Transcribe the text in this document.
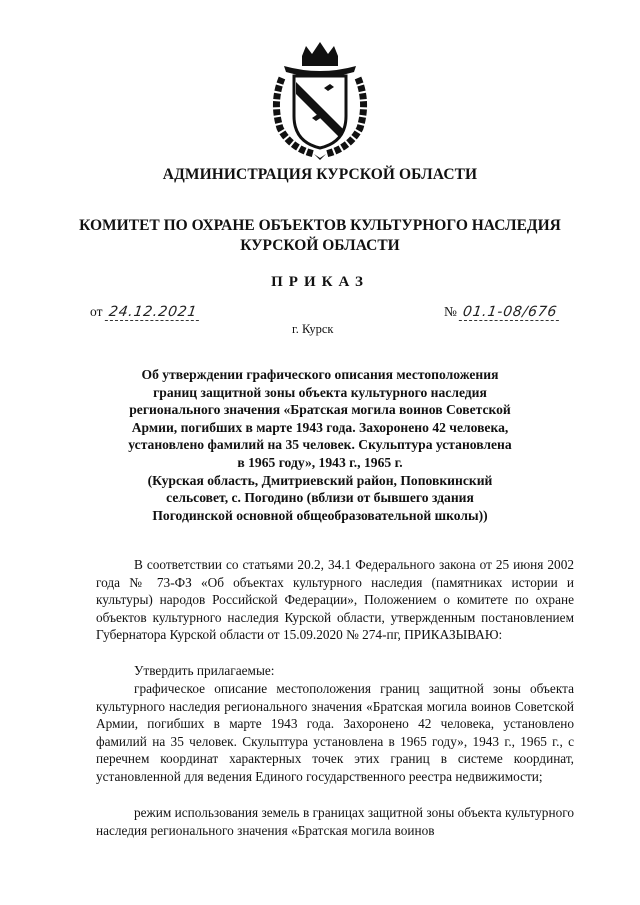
АДМИНИСТРАЦИЯ КУРСКОЙ ОБЛАСТИ
КОМИТЕТ ПО ОХРАНЕ ОБЪЕКТОВ КУЛЬТУРНОГО НАСЛЕДИЯ
КУРСКОЙ ОБЛАСТИ
ПРИКАЗ
от 24.12.2021	№ 01.1-08/676
г. Курск
Об утверждении графического описания местоположения
границ защитной зоны объекта культурного наследия
регионального значения «Братская могила воинов Советской
Армии, погибших в марте 1943 года. Захоронено 42 человека,
установлено фамилий на 35 человек. Скульптура установлена
в 1965 году», 1943 г., 1965 г.
(Курская область, Дмитриевский район, Поповкинский
сельсовет, с. Погодино (вблизи от бывшего здания
Погодинской основной общеобразовательной школы))
В соответствии со статьями 20.2, 34.1 Федерального закона от 25 июня 2002 года № 73-ФЗ «Об объектах культурного наследия (памятниках истории и культуры) народов Российской Федерации», Положением о комитете по охране объектов культурного наследия Курской области, утвержденным постановлением Губернатора Курской области от 15.09.2020 № 274-пг, ПРИКАЗЫВАЮ:
Утвердить прилагаемые:
графическое описание местоположения границ защитной зоны объекта культурного наследия регионального значения «Братская могила воинов Советской Армии, погибших в марте 1943 года. Захоронено 42 человека, установлено фамилий на 35 человек. Скульптура установлена в 1965 году», 1943 г., 1965 г., с перечнем координат характерных точек этих границ в системе координат, установленной для ведения Единого государственного реестра недвижимости;
режим использования земель в границах защитной зоны объекта культурного наследия регионального значения «Братская могила воинов
